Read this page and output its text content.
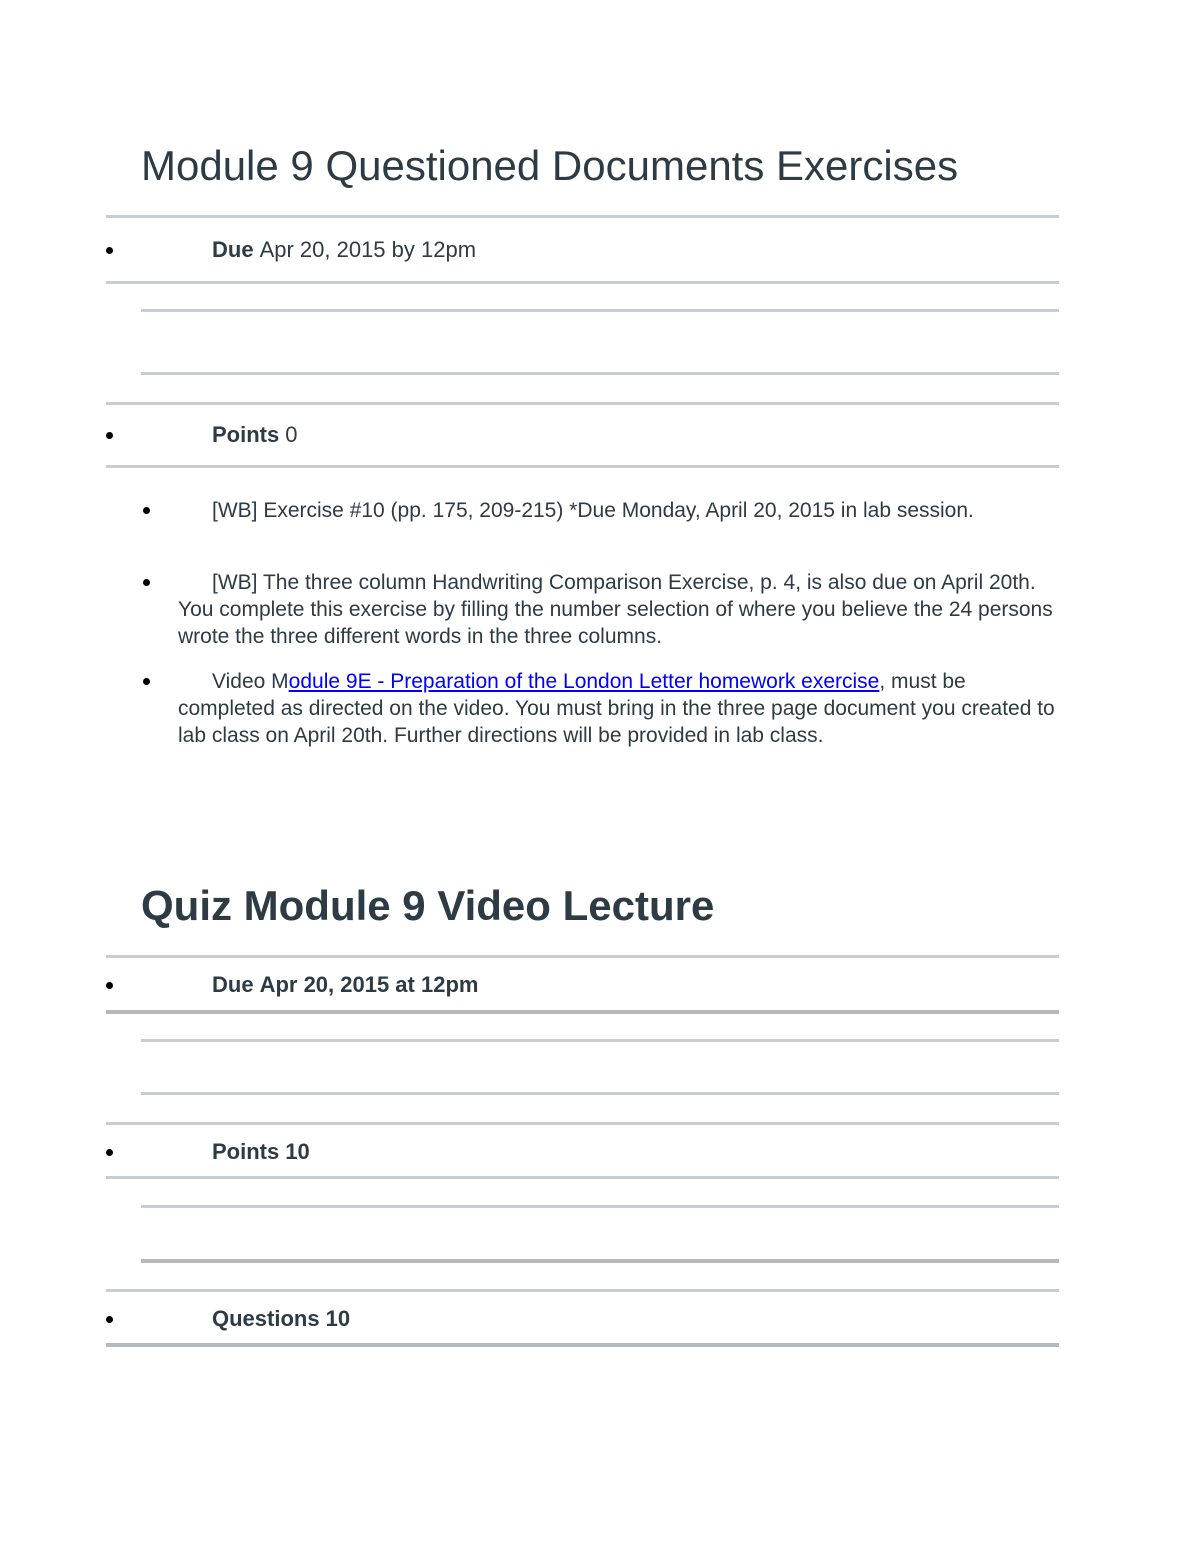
Module 9 Questioned Documents Exercises
Due Apr 20, 2015 by 12pm
Points 0
[WB] Exercise #10 (pp. 175, 209-215) *Due Monday, April 20, 2015 in lab session.
[WB] The three column Handwriting Comparison Exercise, p. 4, is also due on April 20th. You complete this exercise by filling the number selection of where you believe the 24 persons wrote the three different words in the three columns.
Video Module 9E - Preparation of the London Letter homework exercise, must be completed as directed on the video. You must bring in the three page document you created to lab class on April 20th. Further directions will be provided in lab class.
Quiz Module 9 Video Lecture
Due Apr 20, 2015 at 12pm
Points 10
Questions 10
